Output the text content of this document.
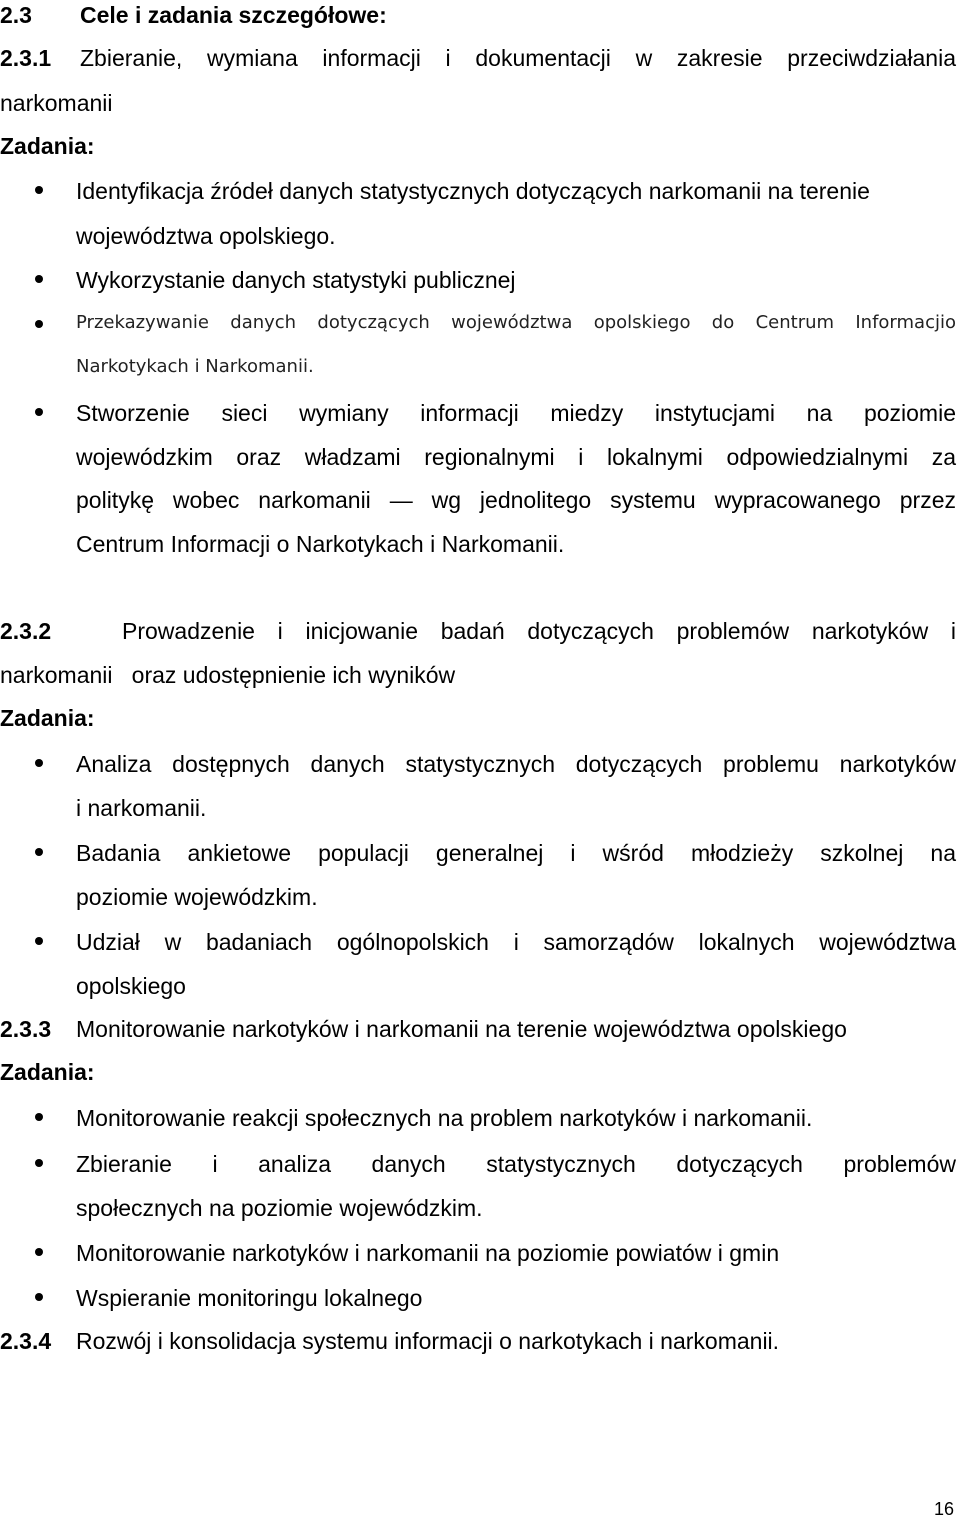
2.3 Cele i zadania szczegółowe:
2.3.1 Zbieranie, wymiana informacji i dokumentacji w zakresie przeciwdziałania
narkomanii
Zadania:
Identyfikacja źródeł danych statystycznych dotyczących narkomanii na terenie
województwa opolskiego.
Wykorzystanie danych statystyki publicznej
Przekazywanie danych dotyczących województwa opolskiego do Centrum Informacjio
Narkotykach i Narkomanii.
Stworzenie sieci wymiany informacji miedzy instytucjami na poziomie
wojewódzkim oraz władzami regionalnymi i lokalnymi odpowiedzialnymi za
politykę wobec narkomanii — wg jednolitego systemu wypracowanego przez
Centrum Informacji o Narkotykach i Narkomanii.
2.3.2	Prowadzenie i inicjowanie badań dotyczących problemów narkotyków i
narkomanii   oraz udostępnienie ich wyników
Zadania:
Analiza dostępnych danych statystycznych dotyczących problemu narkotyków
i narkomanii.
Badania ankietowe populacji generalnej i wśród młodzieży szkolnej na
poziomie wojewódzkim.
Udział w badaniach ogólnopolskich i samorządów lokalnych województwa
opolskiego
2.3.3 Monitorowanie narkotyków i narkomanii na terenie województwa opolskiego
Zadania:
Monitorowanie reakcji społecznych na problem narkotyków i narkomanii.
Zbieranie i analiza danych statystycznych dotyczących problemów
społecznych na poziomie wojewódzkim.
Monitorowanie narkotyków i narkomanii na poziomie powiatów i gmin
Wspieranie monitoringu lokalnego
2.3.4 Rozwój i konsolidacja systemu informacji o narkotykach i narkomanii.
16
